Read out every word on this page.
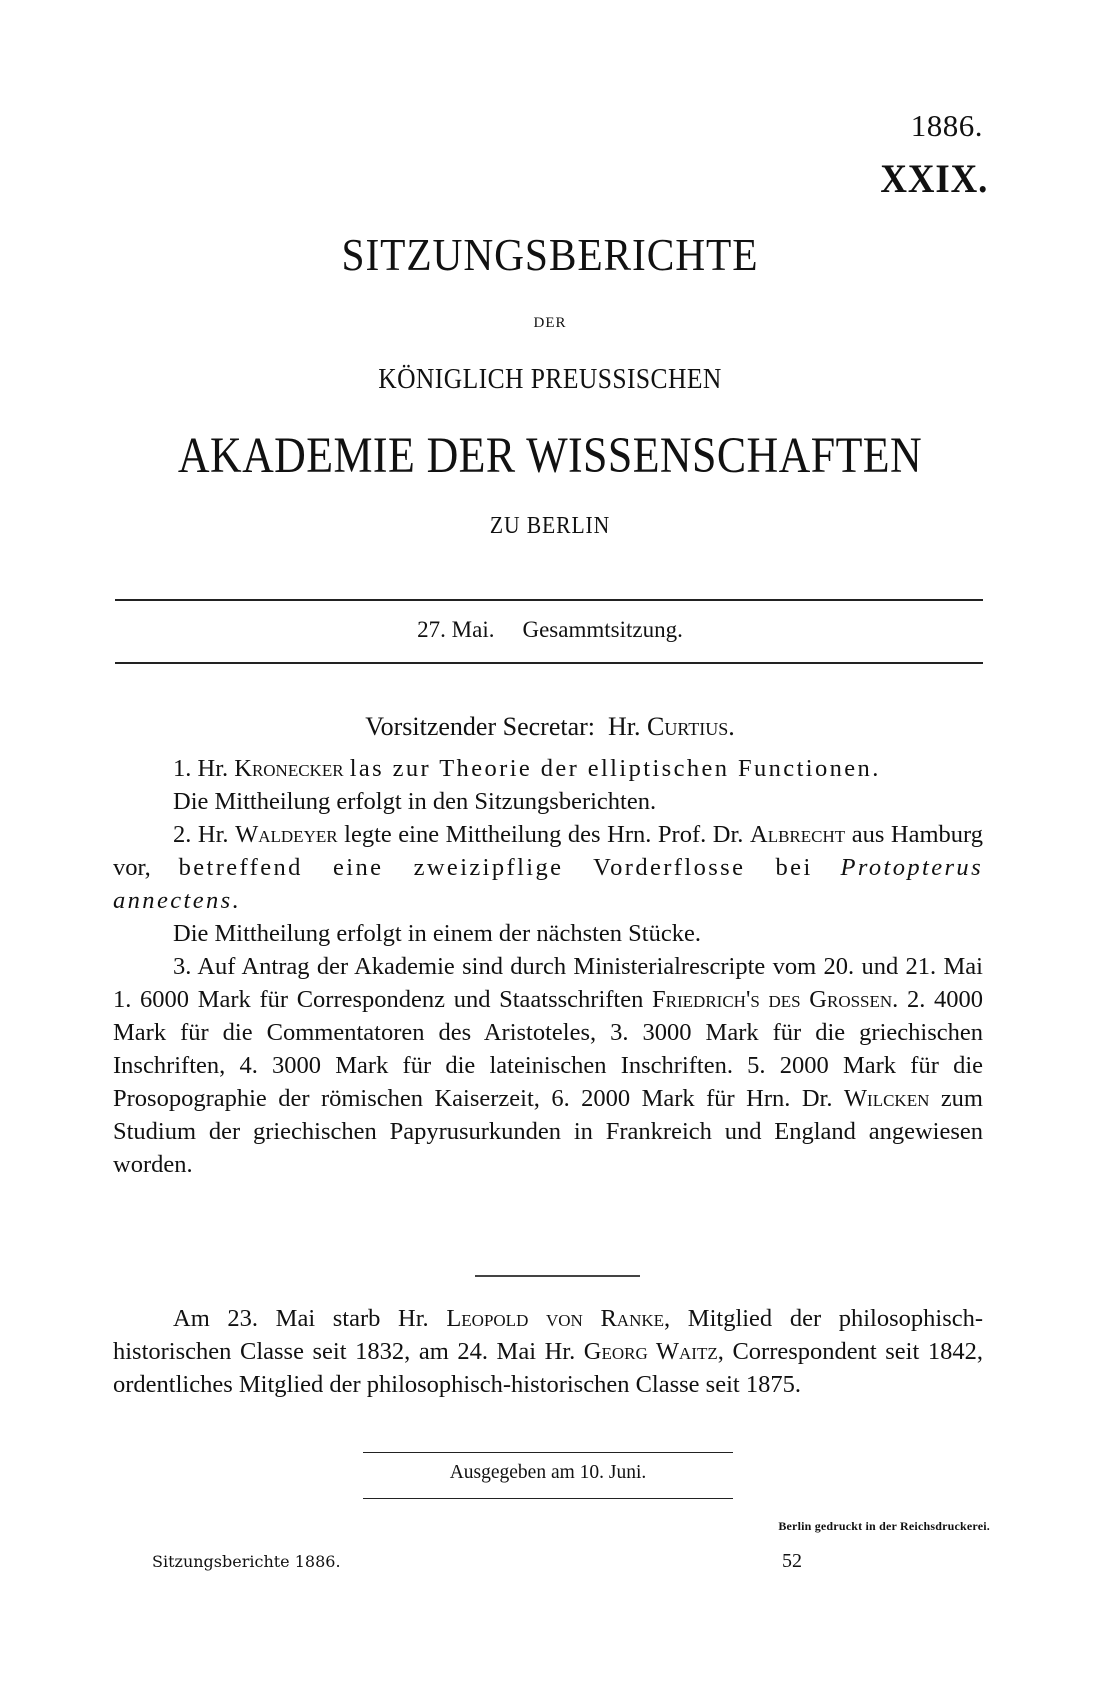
1886.
XXIX.
SITZUNGSBERICHTE
DER
KÖNIGLICH PREUSSISCHEN
AKADEMIE DER WISSENSCHAFTEN
ZU BERLIN
27. Mai. Gesammtsitzung.
Vorsitzender Secretar: Hr. Curtius.

1. Hr. Kronecker las zur Theorie der elliptischen Functionen.

Die Mittheilung erfolgt in den Sitzungsberichten.

2. Hr. Waldeyer legte eine Mittheilung des Hrn. Prof. Dr. Albrecht aus Hamburg vor, betreffend eine zweizipflige Vorderflosse bei Protopterus annectens.

Die Mittheilung erfolgt in einem der nächsten Stücke.

3. Auf Antrag der Akademie sind durch Ministerialrescripte vom 20. und 21. Mai 1. 6000 Mark für Correspondenz und Staatsschriften Friedrich's des Grossen. 2. 4000 Mark für die Commentatoren des Aristoteles, 3. 3000 Mark für die griechischen Inschriften, 4. 3000 Mark für die lateinischen Inschriften. 5. 2000 Mark für die Prosopographie der römischen Kaiserzeit, 6. 2000 Mark für Hrn. Dr. Wilcken zum Studium der griechischen Papyrusurkunden in Frankreich und England angewiesen worden.

Am 23. Mai starb Hr. Leopold von Ranke, Mitglied der philosophisch-historischen Classe seit 1832, am 24. Mai Hr. Georg Waitz, Correspondent seit 1842, ordentliches Mitglied der philosophisch-historischen Classe seit 1875.

Ausgegeben am 10. Juni.
Berlin gedruckt in der Reichsdruckerei.
Sitzungsberichte 1886.	52
